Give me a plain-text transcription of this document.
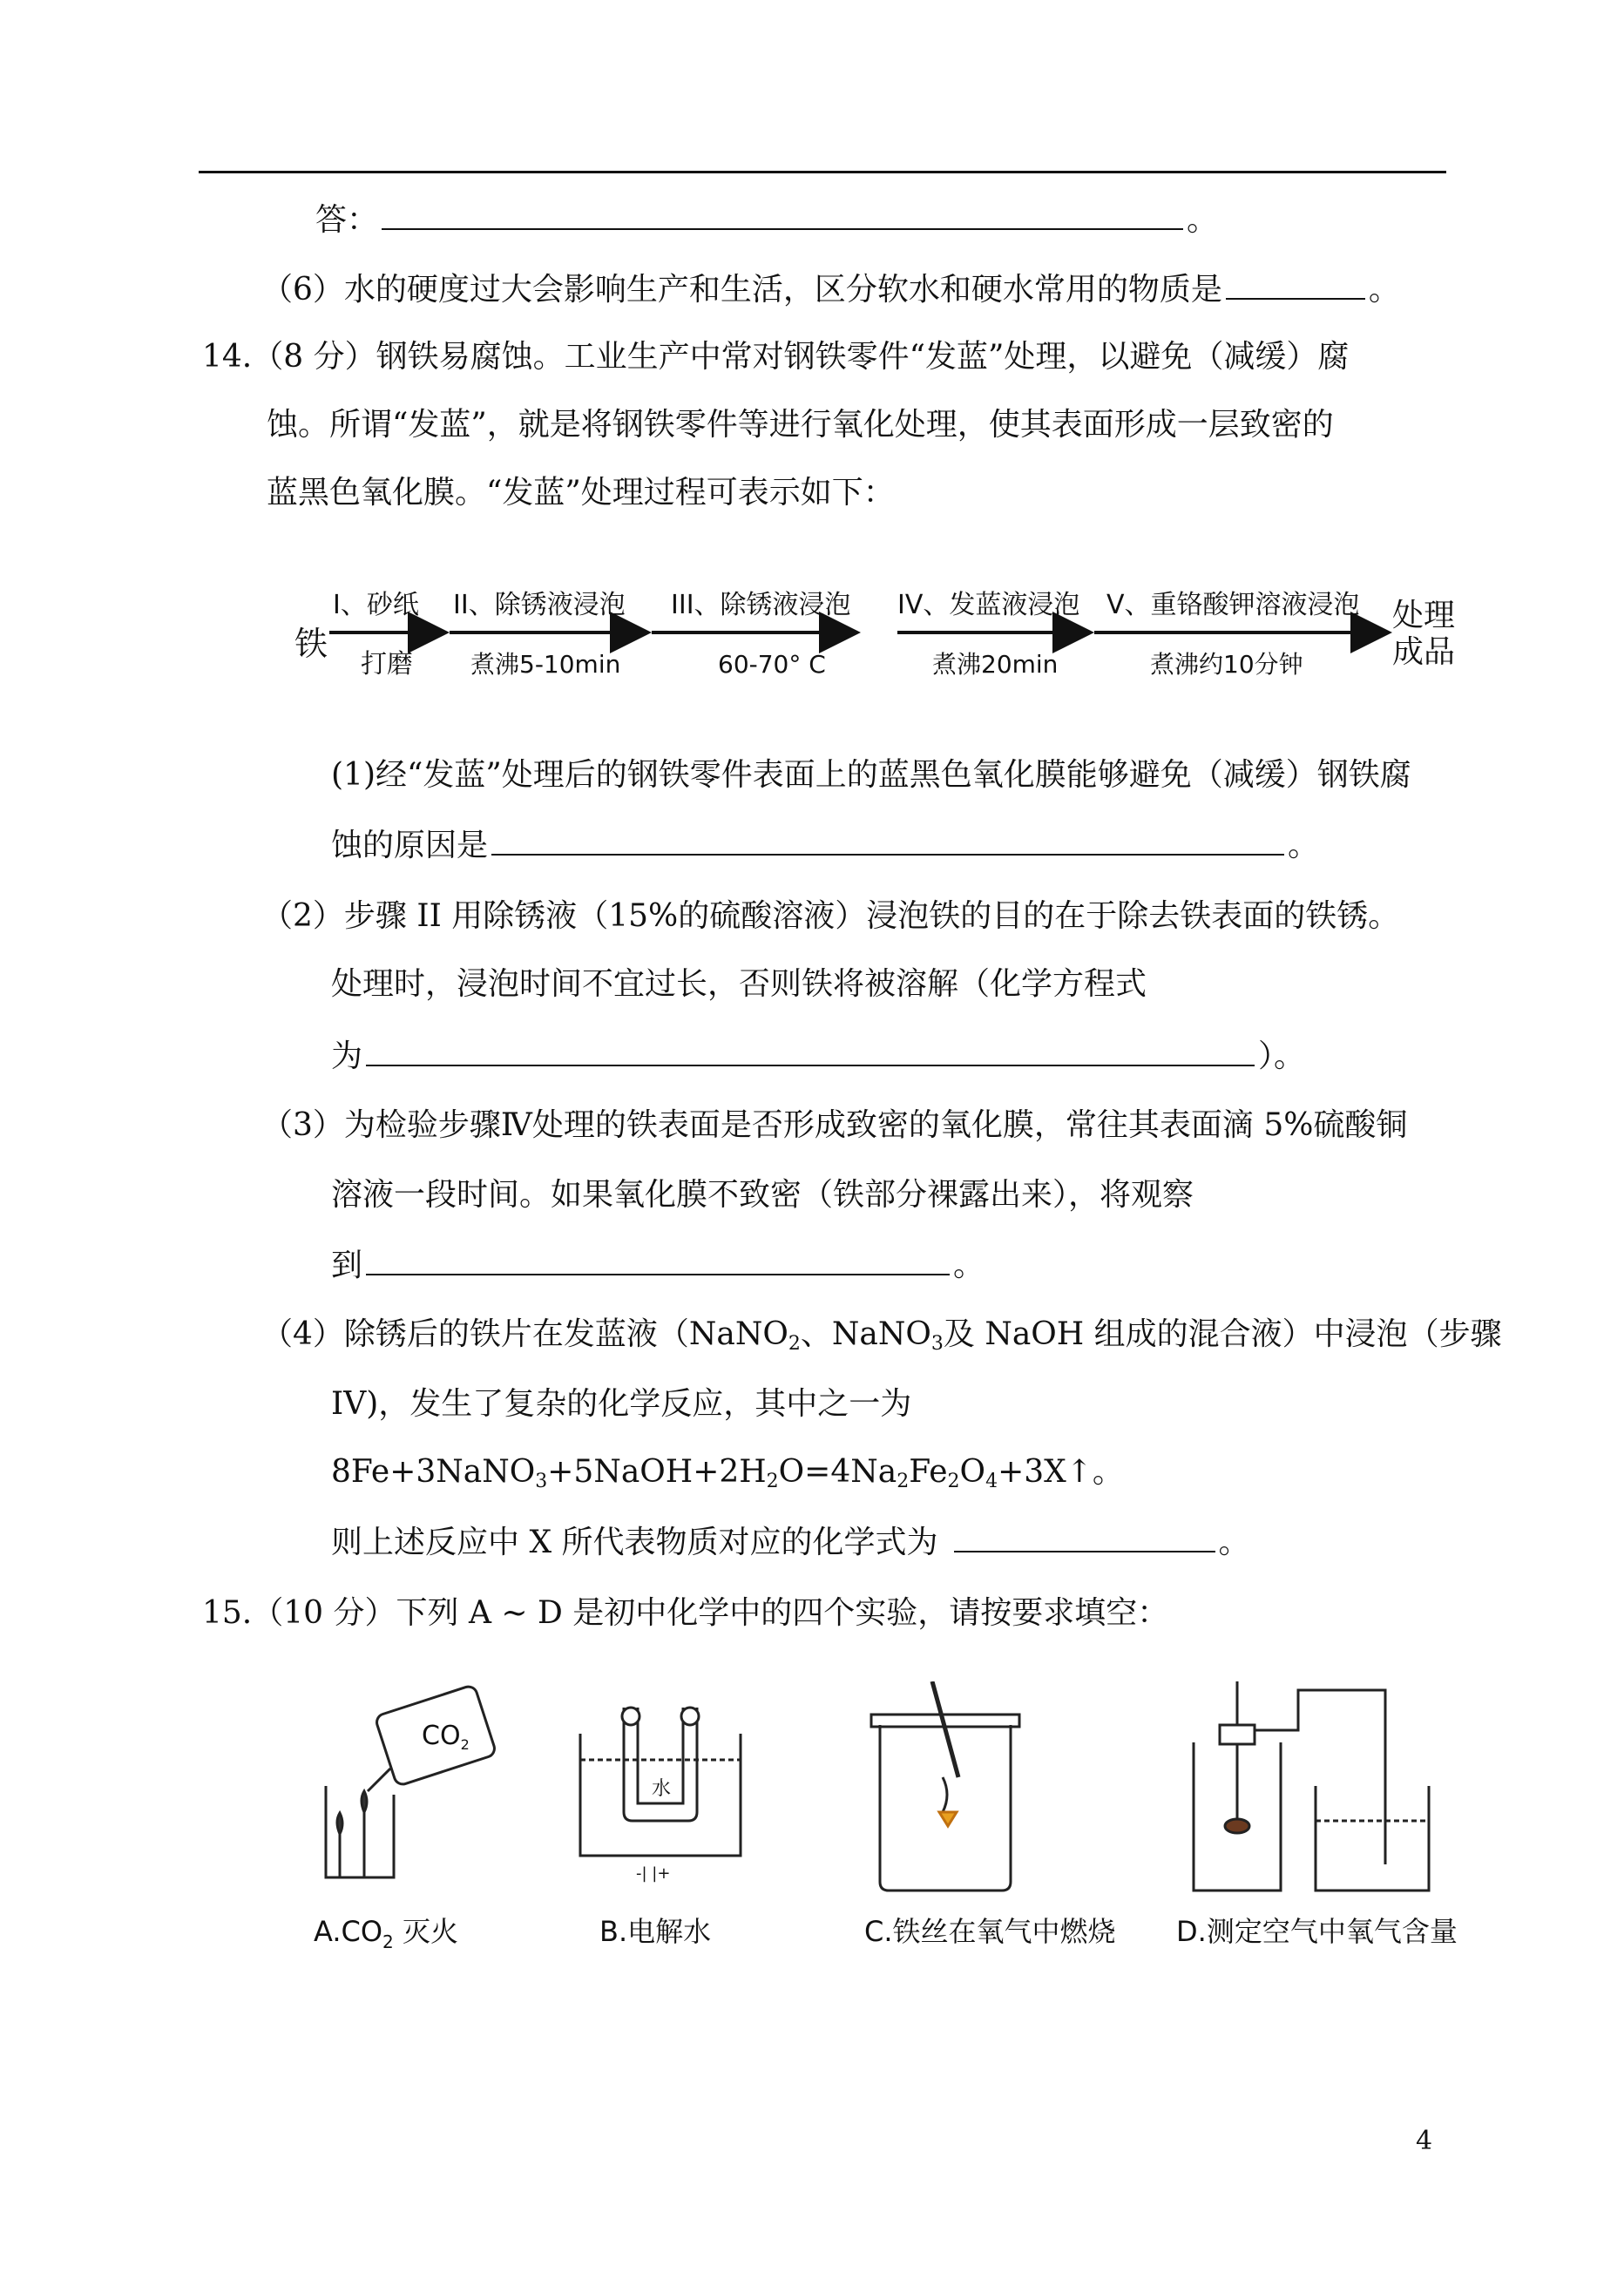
答：	。
（6）水的硬度过大会影响生产和生活，区分软水和硬水常用的物质是	。
14.（8 分）钢铁易腐蚀。工业生产中常对钢铁零件“发蓝”处理，以避免（减缓）腐
蚀。所谓“发蓝”，就是将钢铁零件等进行氧化处理，使其表面形成一层致密的
蓝黑色氧化膜。“发蓝”处理过程可表示如下：
铁
I、砂纸
打磨
II、除锈液浸泡
煮沸5-10min
III、除锈液浸泡
60-70° C
IV、发蓝液浸泡
煮沸20min
V、重铬酸钾溶液浸泡
煮沸约10分钟
处理
成品
(1)经“发蓝”处理后的钢铁零件表面上的蓝黑色氧化膜能够避免（减缓）钢铁腐
蚀的原因是	。
（2）步骤 II 用除锈液（15%的硫酸溶液）浸泡铁的目的在于除去铁表面的铁锈。
处理时，浸泡时间不宜过长，否则铁将被溶解（化学方程式
为	）。
（3）为检验步骤Ⅳ处理的铁表面是否形成致密的氧化膜，常往其表面滴 5%硫酸铜
溶液一段时间。如果氧化膜不致密（铁部分裸露出来），将观察
到	。
（4）除锈后的铁片在发蓝液（NaNO$_2$、NaNO$_3$及 NaOH 组成的混合液）中浸泡（步骤
IV)，发生了复杂的化学反应，其中之一为
$8Fe+3NaNO_3+5NaOH+2H_2O=4Na_2Fe_2O_4+3X↑$。
则上述反应中 X 所代表物质对应的化学式为	。
15.（10 分）下列 A ~ D 是初中化学中的四个实验，请按要求填空：
$CO_2$
水
-| |+
$A.CO_2$ 灭火	B.电解水	C.铁丝在氧气中燃烧 D.测定空气中氧气含量
4
